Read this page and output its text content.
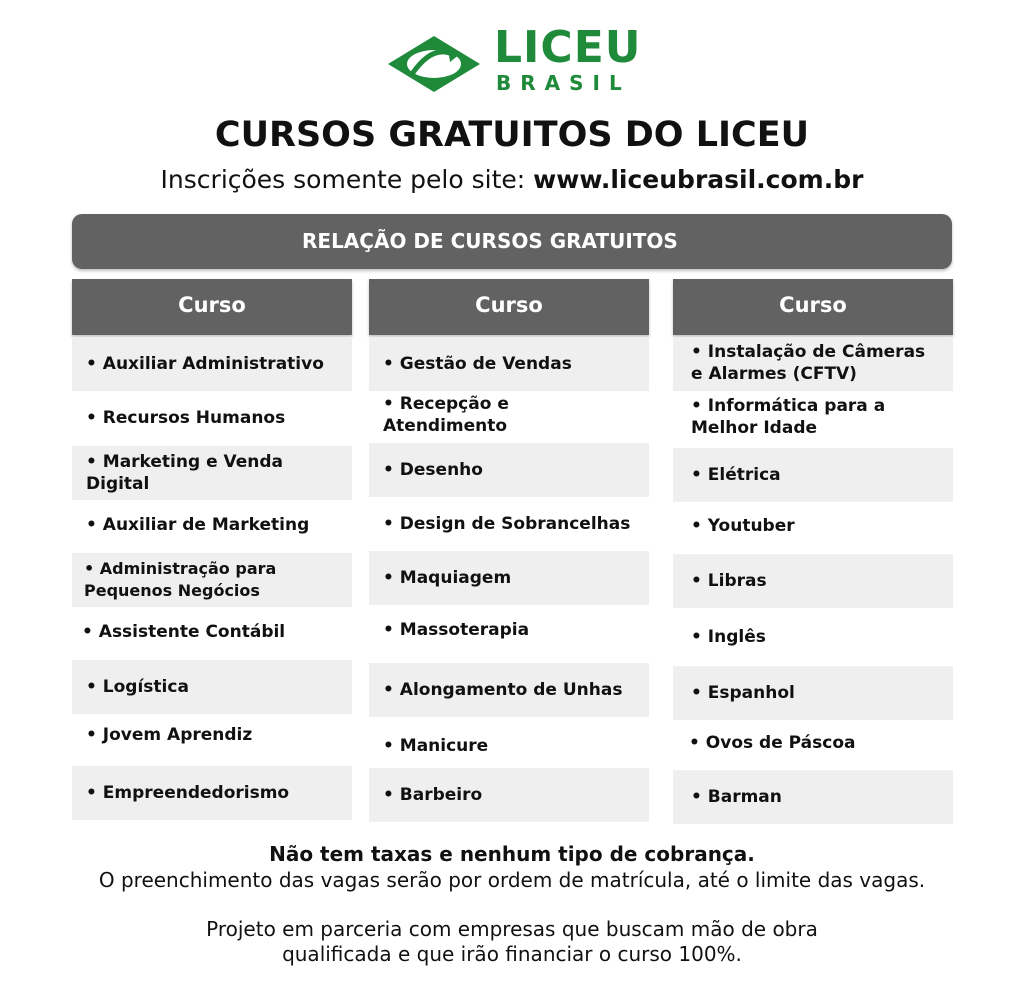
LICEU
BRASIL
CURSOS GRATUITOS DO LICEU
Inscrições somente pelo site: www.liceubrasil.com.br
RELAÇÃO DE CURSOS GRATUITOS
Curso
• Auxiliar Administrativo
• Recursos Humanos
• Marketing e Venda Digital
• Auxiliar de Marketing
• Administração para Pequenos Negócios
• Assistente Contábil
• Logística
• Jovem Aprendiz
• Empreendedorismo
Curso
• Gestão de Vendas
• Recepção e Atendimento
• Desenho
• Design de Sobrancelhas
• Maquiagem
• Massoterapia
• Alongamento de Unhas
• Manicure
• Barbeiro
Curso
• Instalação de Câmeras e Alarmes (CFTV)
• Informática para a Melhor Idade
• Elétrica
• Youtuber
• Libras
• Inglês
• Espanhol
• Ovos de Páscoa
• Barman
Não tem taxas e nenhum tipo de cobrança.
O preenchimento das vagas serão por ordem de matrícula, até o limite das vagas.
Projeto em parceria com empresas que buscam mão de obra
qualificada e que irão financiar o curso 100%.
